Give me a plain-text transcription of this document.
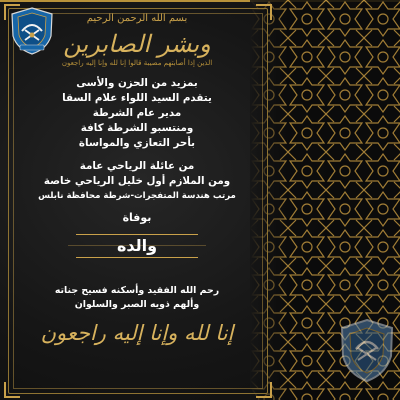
بسم الله الرحمن الرحيم
وبشر الصابرين
الذين إذا أصابتهم مصيبة قالوا إنا لله وإنا إليه راجعون
بمزيد من الحزن والأسى
يتقدم السيد اللواء علام السقا
مدير عام الشرطة
ومنتسبو الشرطة كافة
بأحر التعازي والمواساة
من عائلة الرياحي عامة
ومن الملازم أول خليل الرياحي خاصة
مرتب هندسة المتفجرات-شرطة محافظة نابلس
بوفاة
والده
رحم الله الفقيد وأسكنه فسيح جناته
وألهم ذويه الصبر والسلوان
إنا لله وإنا إليه راجعون
